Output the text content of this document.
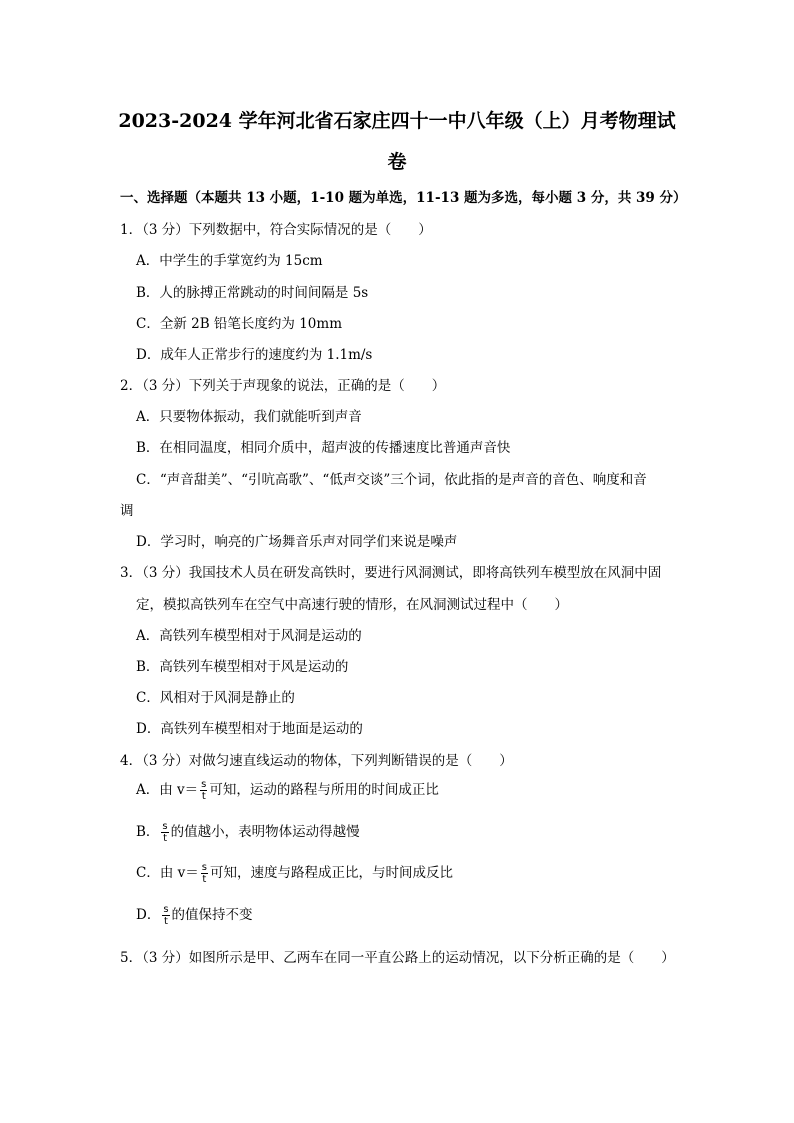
2023-2024 学年河北省石家庄四十一中八年级（上）月考物理试
卷
一、选择题（本题共 13 小题，1-10 题为单选，11-13 题为多选，每小题 3 分，共 39 分）
1．（3 分）下列数据中，符合实际情况的是（　　）
A．中学生的手掌宽约为 15cm
B．人的脉搏正常跳动的时间间隔是 5s
C．全新 2B 铅笔长度约为 10mm
D．成年人正常步行的速度约为 1.1m/s
2．（3 分）下列关于声现象的说法，正确的是（　　）
A．只要物体振动，我们就能听到声音
B．在相同温度，相同介质中，超声波的传播速度比普通声音快
C．“声音甜美”、“引吭高歌”、“低声交谈”三个词，依此指的是声音的音色、响度和音
调
D．学习时，响亮的广场舞音乐声对同学们来说是噪声
3．（3 分）我国技术人员在研发高铁时，要进行风洞测试，即将高铁列车模型放在风洞中固
定，模拟高铁列车在空气中高速行驶的情形，在风洞测试过程中（　　）
A．高铁列车模型相对于风洞是运动的
B．高铁列车模型相对于风是运动的
C．风相对于风洞是静止的
D．高铁列车模型相对于地面是运动的
4．（3 分）对做匀速直线运动的物体，下列判断错误的是（　　）
A．由 $v= \frac{s}{t}$ 可知，运动的路程与所用的时间成正比
B． $\frac{s}{t}$ 的值越小，表明物体运动得越慢
C．由 $v= \frac{s}{t}$ 可知，速度与路程成正比，与时间成反比
D． $\frac{s}{t}$ 的值保持不变
5．（3 分）如图所示是甲、乙两车在同一平直公路上的运动情况，以下分析正确的是（　　）
